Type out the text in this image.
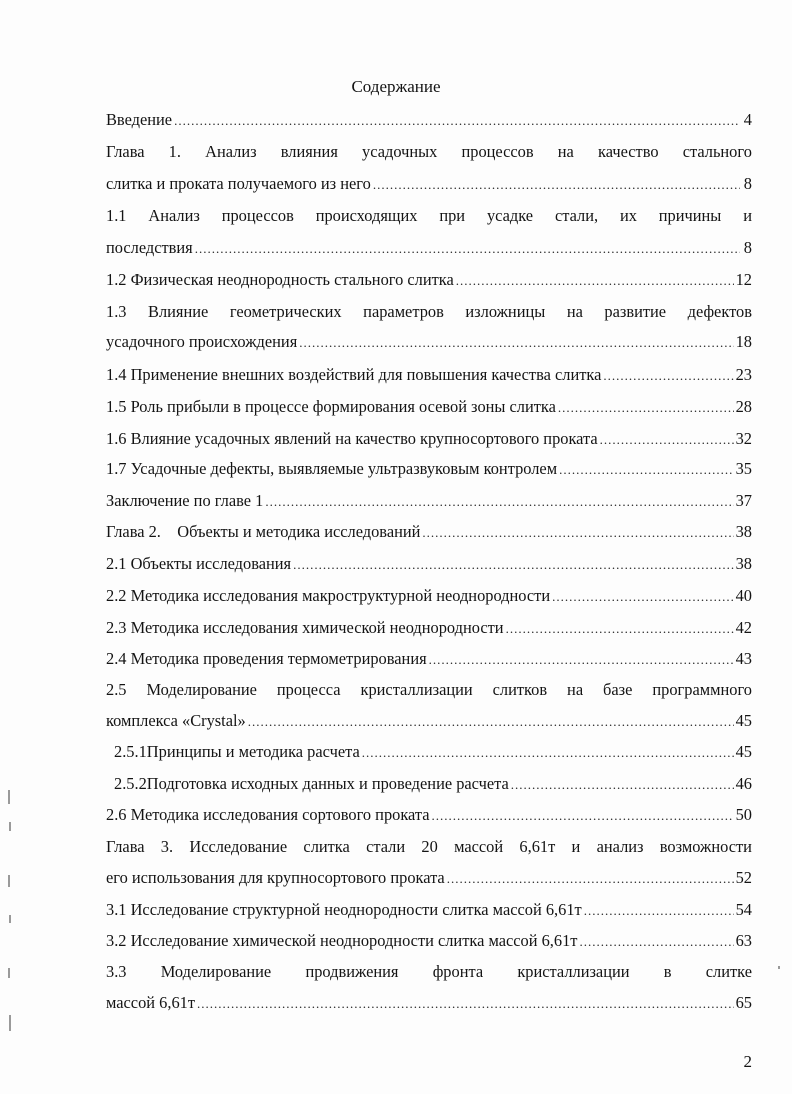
Содержание
Введение .....	4
Глава 1. Анализ влияния усадочных процессов на качество стального
слитка и проката получаемого из него .....	8
1.1 Анализ процессов происходящих при усадке стали, их причины и
последствия .....	8
1.2 Физическая неоднородность стального слитка .....	12
1.3 Влияние геометрических параметров изложницы на развитие дефектов
усадочного происхождения .....	18
1.4 Применение внешних воздействий для повышения качества слитка .....	23
1.5 Роль прибыли в процессе формирования осевой зоны слитка .....	28
1.6 Влияние усадочных явлений на качество крупносортового проката .....	32
1.7 Усадочные дефекты, выявляемые ультразвуковым контролем .....	35
Заключение по главе 1 .....	37
Глава 2.    Объекты и методика исследований .....	38
2.1 Объекты исследования .....	38
2.2 Методика исследования макроструктурной неоднородности .....	40
2.3 Методика исследования химической неоднородности .....	42
2.4 Методика проведения термометрирования .....	43
2.5 Моделирование процесса кристаллизации слитков на базе программного
комплекса «Crystal» .....	45
2.5.1Принципы и методика расчета .....	45
2.5.2Подготовка исходных данных и проведение расчета .....	46
2.6 Методика исследования сортового проката .....	50
Глава 3. Исследование слитка стали 20 массой 6,61т и анализ возможности
его использования для крупносортового проката .....	52
3.1 Исследование структурной неоднородности слитка массой 6,61т .....	54
3.2 Исследование химической неоднородности слитка массой 6,61т .....	63
3.3 Моделирование продвижения фронта кристаллизации в слитке
массой 6,61т .....	65
2
